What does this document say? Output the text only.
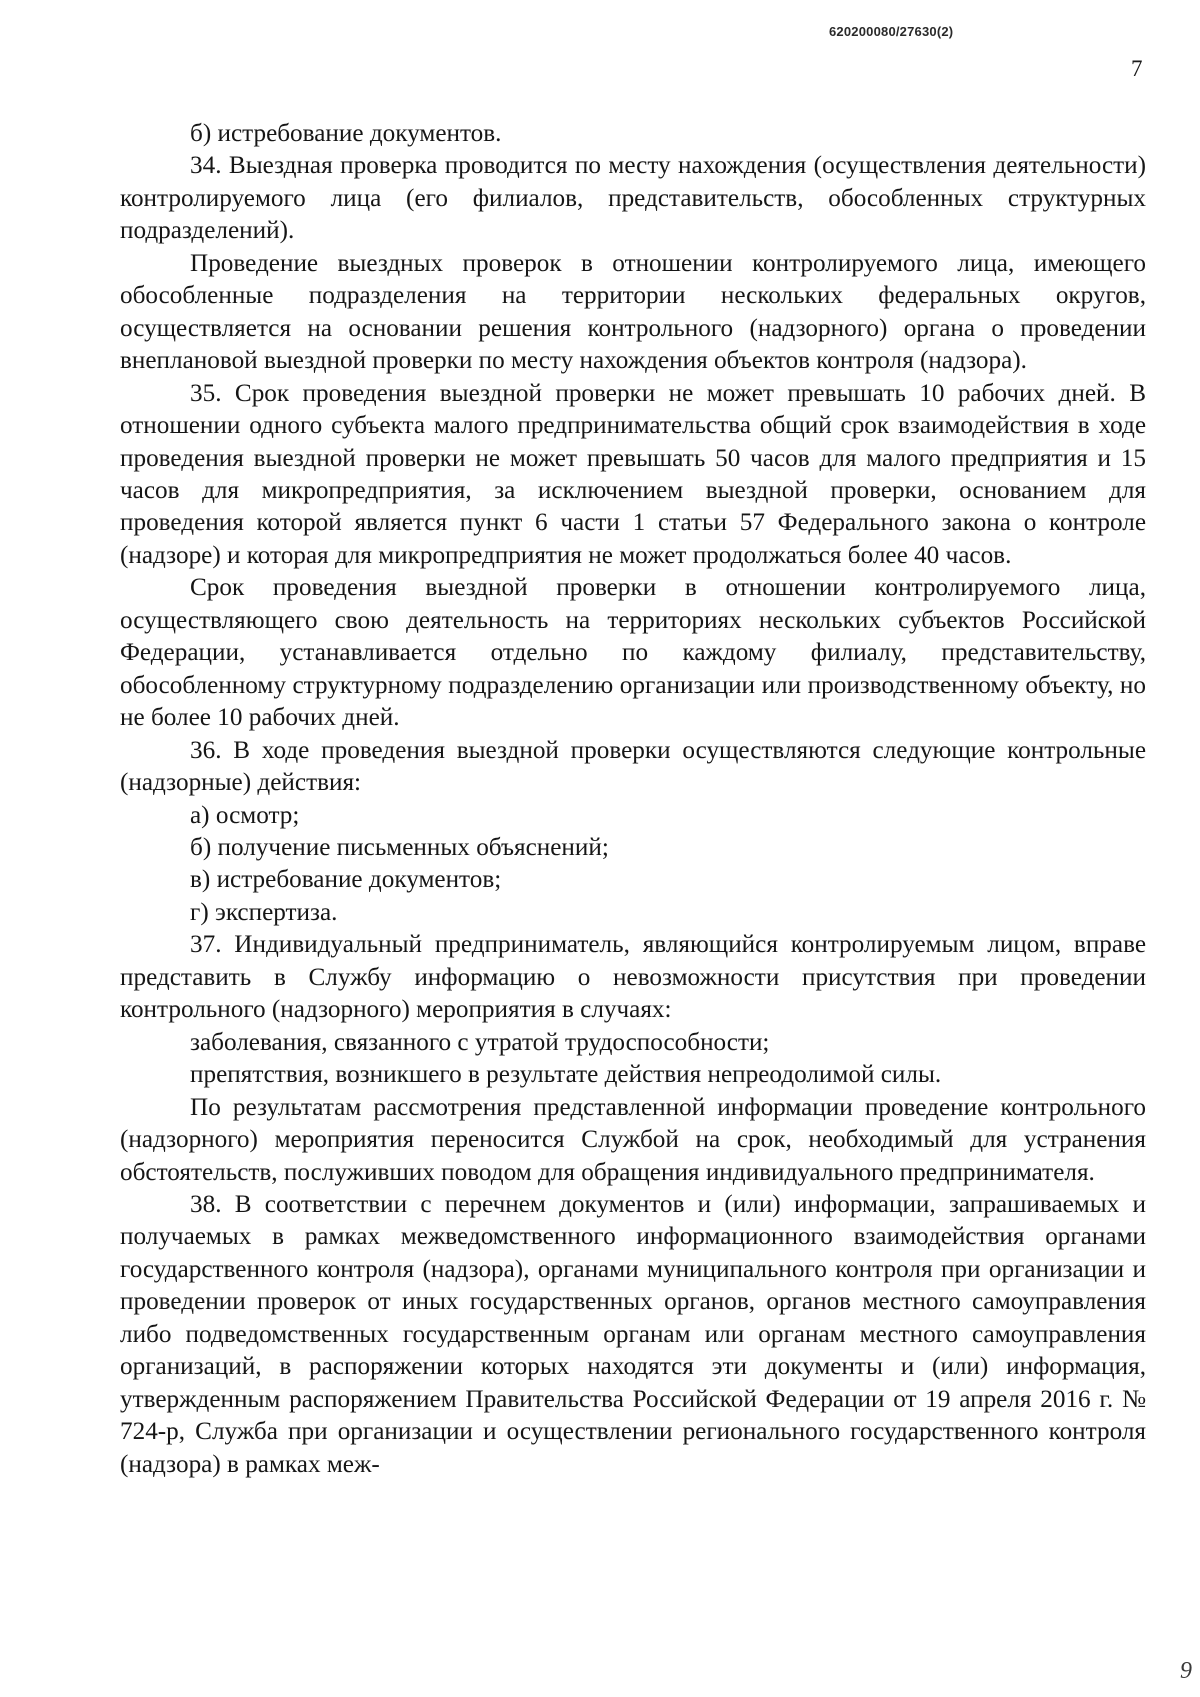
620200080/27630(2)
7

б) истребование документов.

34. Выездная проверка проводится по месту нахождения (осуществления деятельности) контролируемого лица (его филиалов, представительств, обособленных структурных подразделений).

Проведение выездных проверок в отношении контролируемого лица, имеющего обособленные подразделения на территории нескольких федеральных округов, осуществляется на основании решения контрольного (надзорного) органа о проведении внеплановой выездной проверки по месту нахождения объектов контроля (надзора).

35. Срок проведения выездной проверки не может превышать 10 рабочих дней. В отношении одного субъекта малого предпринимательства общий срок взаимодействия в ходе проведения выездной проверки не может превышать 50 часов для малого предприятия и 15 часов для микропредприятия, за исключением выездной проверки, основанием для проведения которой является пункт 6 части 1 статьи 57 Федерального закона о контроле (надзоре) и которая для микропредприятия не может продолжаться более 40 часов.

Срок проведения выездной проверки в отношении контролируемого лица, осуществляющего свою деятельность на территориях нескольких субъектов Российской Федерации, устанавливается отдельно по каждому филиалу, представительству, обособленному структурному подразделению организации или производственному объекту, но не более 10 рабочих дней.

36. В ходе проведения выездной проверки осуществляются следующие контрольные (надзорные) действия:

а) осмотр;

б) получение письменных объяснений;

в) истребование документов;

г) экспертиза.

37. Индивидуальный предприниматель, являющийся контролируемым лицом, вправе представить в Службу информацию о невозможности присутствия при проведении контрольного (надзорного) мероприятия в случаях:

заболевания, связанного с утратой трудоспособности;

препятствия, возникшего в результате действия непреодолимой силы.

По результатам рассмотрения представленной информации проведение контрольного (надзорного) мероприятия переносится Службой на срок, необходимый для устранения обстоятельств, послуживших поводом для обращения индивидуального предпринимателя.

38. В соответствии с перечнем документов и (или) информации, запрашиваемых и получаемых в рамках межведомственного информационного взаимодействия органами государственного контроля (надзора), органами муниципального контроля при организации и проведении проверок от иных государственных органов, органов местного самоуправления либо подведомственных государственным органам или органам местного самоуправления организаций, в распоряжении которых находятся эти документы и (или) информация, утвержденным распоряжением Правительства Российской Федерации от 19 апреля 2016 г. № 724-р, Служба при организации и осуществлении регионального государственного контроля (надзора) в рамках меж-

9
